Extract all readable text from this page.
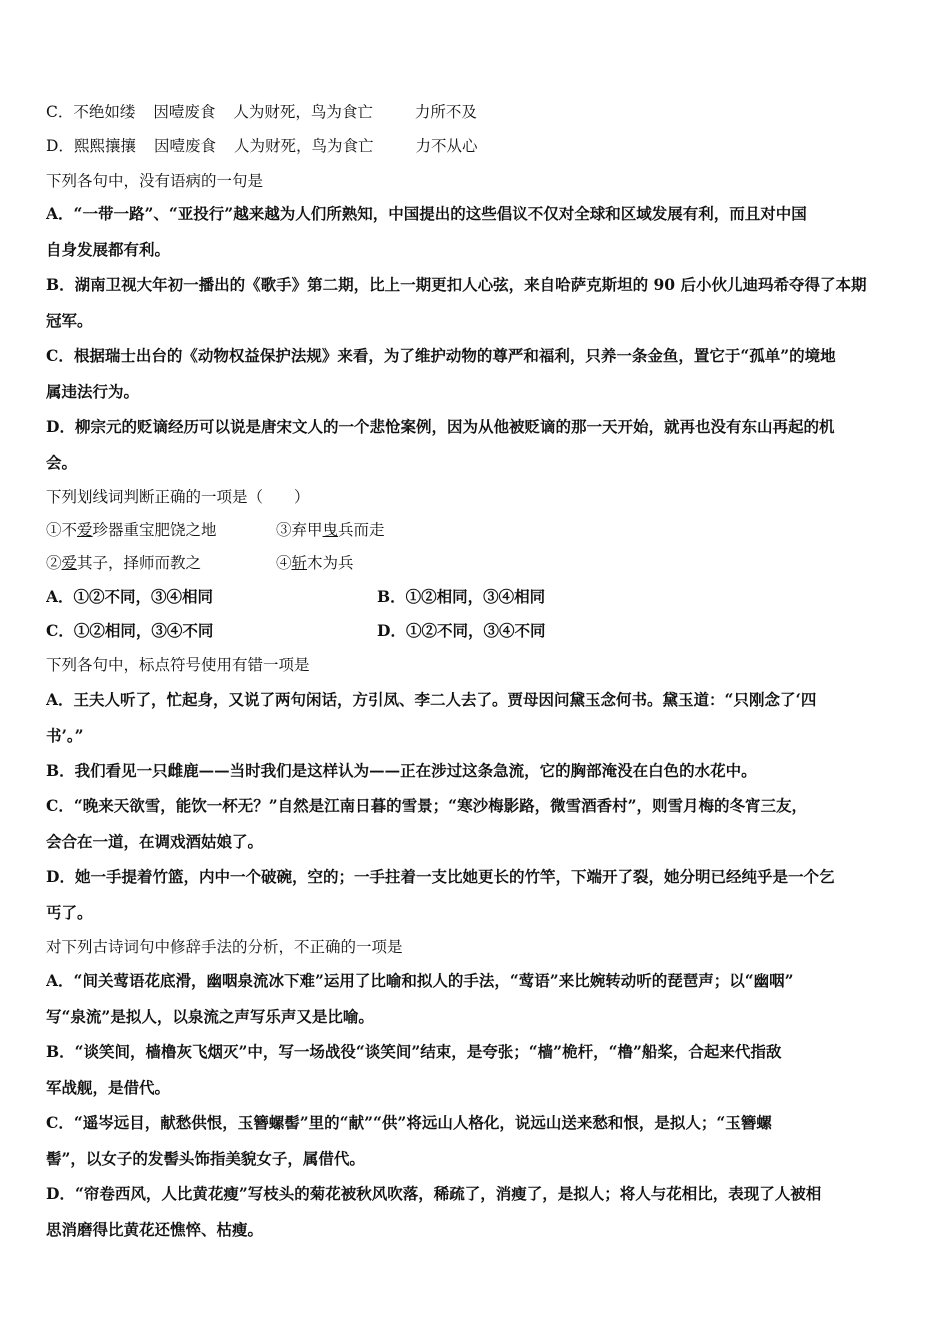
C．不绝如缕 因噎废食 人为财死，鸟为食亡	力所不及
D．熙熙攘攘 因噎废食 人为财死，鸟为食亡	力不从心
下列各句中，没有语病的一句是
A．“一带一路”、“亚投行”越来越为人们所熟知，中国提出的这些倡议不仅对全球和区域发展有利，而且对中国
自身发展都有利。
B．湖南卫视大年初一播出的《歌手》第二期，比上一期更扣人心弦，来自哈萨克斯坦的 90 后小伙儿迪玛希夺得了本期
冠军。
C．根据瑞士出台的《动物权益保护法规》来看，为了维护动物的尊严和福利，只养一条金鱼，置它于“孤单”的境地
属违法行为。
D．柳宗元的贬谪经历可以说是唐宋文人的一个悲怆案例，因为从他被贬谪的那一天开始，就再也没有东山再起的机
会。
下列划线词判断正确的一项是（　　）
①不爱珍器重宝肥饶之地	③弃甲曳兵而走
②爱其子，择师而教之	④斩木为兵
A．①②不同，③④相同	B．①②相同，③④相同
C．①②相同，③④不同	D．①②不同，③④不同
下列各句中，标点符号使用有错一项是
A．王夫人听了，忙起身，又说了两句闲话，方引凤、李二人去了。贾母因问黛玉念何书。黛玉道：“只刚念了‘四
书’。”
B．我们看见一只雌鹿——当时我们是这样认为——正在涉过这条急流，它的胸部淹没在白色的水花中。
C．“晚来天欲雪，能饮一杯无？”自然是江南日暮的雪景；“寒沙梅影路，微雪酒香村”，则雪月梅的冬宵三友，
会合在一道，在调戏酒姑娘了。
D．她一手提着竹篮，内中一个破碗，空的；一手拄着一支比她更长的竹竿，下端开了裂，她分明已经纯乎是一个乞
丐了。
对下列古诗词句中修辞手法的分析，不正确的一项是
A．“间关莺语花底滑，幽咽泉流冰下难”运用了比喻和拟人的手法，“莺语”来比婉转动听的琵琶声；以“幽咽”
写“泉流”是拟人，以泉流之声写乐声又是比喻。
B．“谈笑间，樯橹灰飞烟灭”中，写一场战役“谈笑间”结束，是夸张；“樯”桅杆，“橹”船桨，合起来代指敌
军战舰，是借代。
C．“遥岑远目，献愁供恨，玉簪螺髻”里的“献”“供”将远山人格化，说远山送来愁和恨，是拟人；“玉簪螺
髻”，以女子的发髻头饰指美貌女子，属借代。
D．“帘卷西风，人比黄花瘦”写枝头的菊花被秋风吹落，稀疏了，消瘦了，是拟人；将人与花相比，表现了人被相
思消磨得比黄花还憔悴、枯瘦。
